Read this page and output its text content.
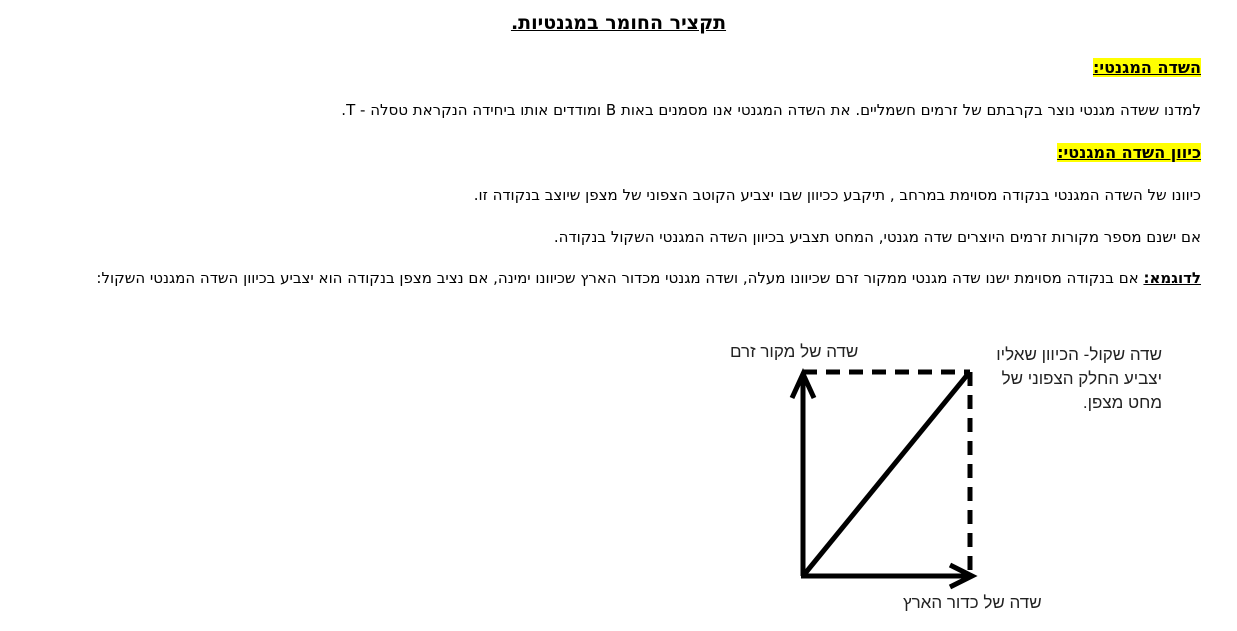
תקציר החומר במגנטיות.
השדה המגנטי:

למדנו ששדה מגנטי נוצר בקרבתם של זרמים חשמליים. את השדה המגנטי אנו מסמנים באות B ומודדים אותו ביחידה הנקראת טסלה - T.

כיוון השדה המגנטי:

כיוונו של השדה המגנטי בנקודה מסוימת במרחב , תיקבע ככיוון שבו יצביע הקוטב הצפוני של מצפן שיוצב בנקודה זו.

אם ישנם מספר מקורות זרמים היוצרים שדה מגנטי, המחט תצביע בכיוון השדה המגנטי השקול בנקודה.

לדוגמא: אם בנקודה מסוימת ישנו שדה מגנטי ממקור זרם שכיוונו מעלה, ושדה מגנטי מכדור הארץ שכיוונו ימינה, אם נציב מצפן בנקודה הוא יצביע בכיוון השדה המגנטי השקול:

שדה של מקור זרם	שדה שקול- הכיוון שאליו
יצביע החלק הצפוני של
מחט מצפן.

שדה של כדור הארץ
